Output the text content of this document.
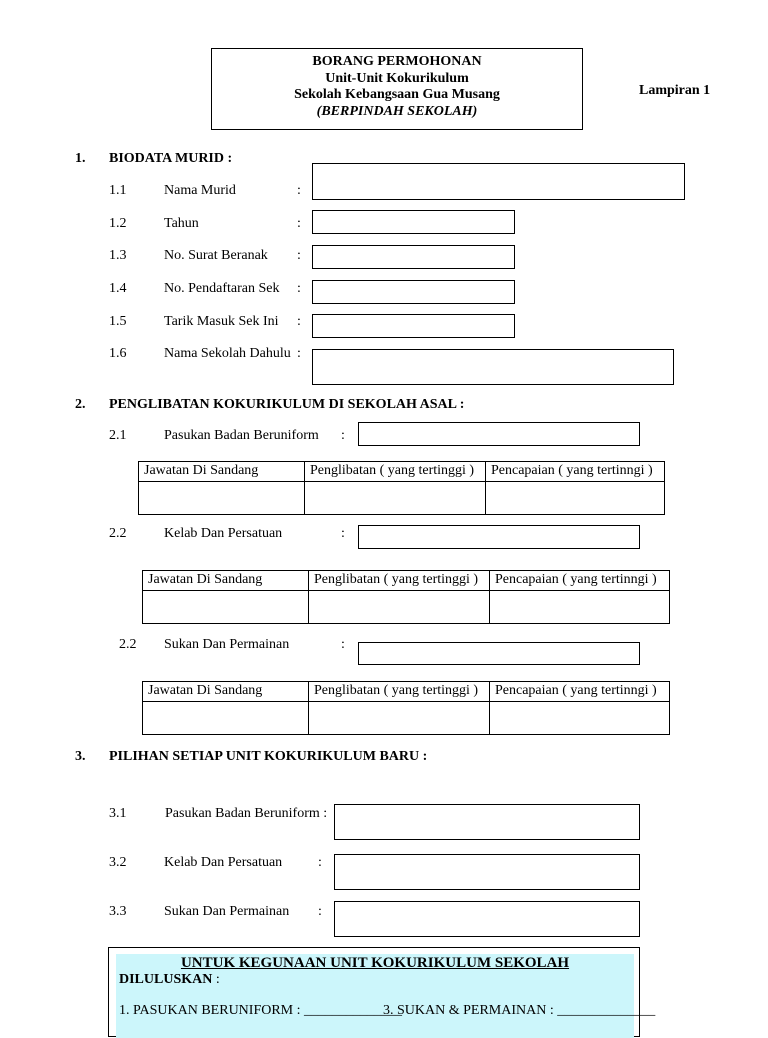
BORANG PERMOHONAN
Unit-Unit Kokurikulum
Sekolah Kebangsaan Gua Musang
(BERPINDAH SEKOLAH)
Lampiran 1
1. BIODATA MURID :
1.1	Nama Murid	:
1.2	Tahun	:
1.3	No. Surat Beranak :
1.4	No. Pendaftaran Sek :
1.5	Tarik Masuk Sek Ini :
1.6	Nama Sekolah Dahulu :
2. PENGLIBATAN KOKURIKULUM DI SEKOLAH ASAL :
2.1	Pasukan Badan Beruniform :
Jawatan Di Sandang	Penglibatan ( yang tertinggi )	Pencapaian ( yang tertinngi )

2.2	Kelab Dan Persatuan	:
Jawatan Di Sandang	Penglibatan ( yang tertinggi )	Pencapaian ( yang tertinngi )

2.2 Sukan Dan Permainan	:
Jawatan Di Sandang	Penglibatan ( yang tertinggi )	Pencapaian ( yang tertinngi )

3. PILIHAN SETIAP UNIT KOKURIKULUM BARU :
3.1	Pasukan Badan Beruniform :
3.2	Kelab Dan Persatuan	:
3.3	Sukan Dan Permainan :
UNTUK KEGUNAAN UNIT KOKURIKULUM SEKOLAH
DILULUSKAN :
1. PASUKAN BERUNIFORM : ______________
3. SUKAN & PERMAINAN : ______________
